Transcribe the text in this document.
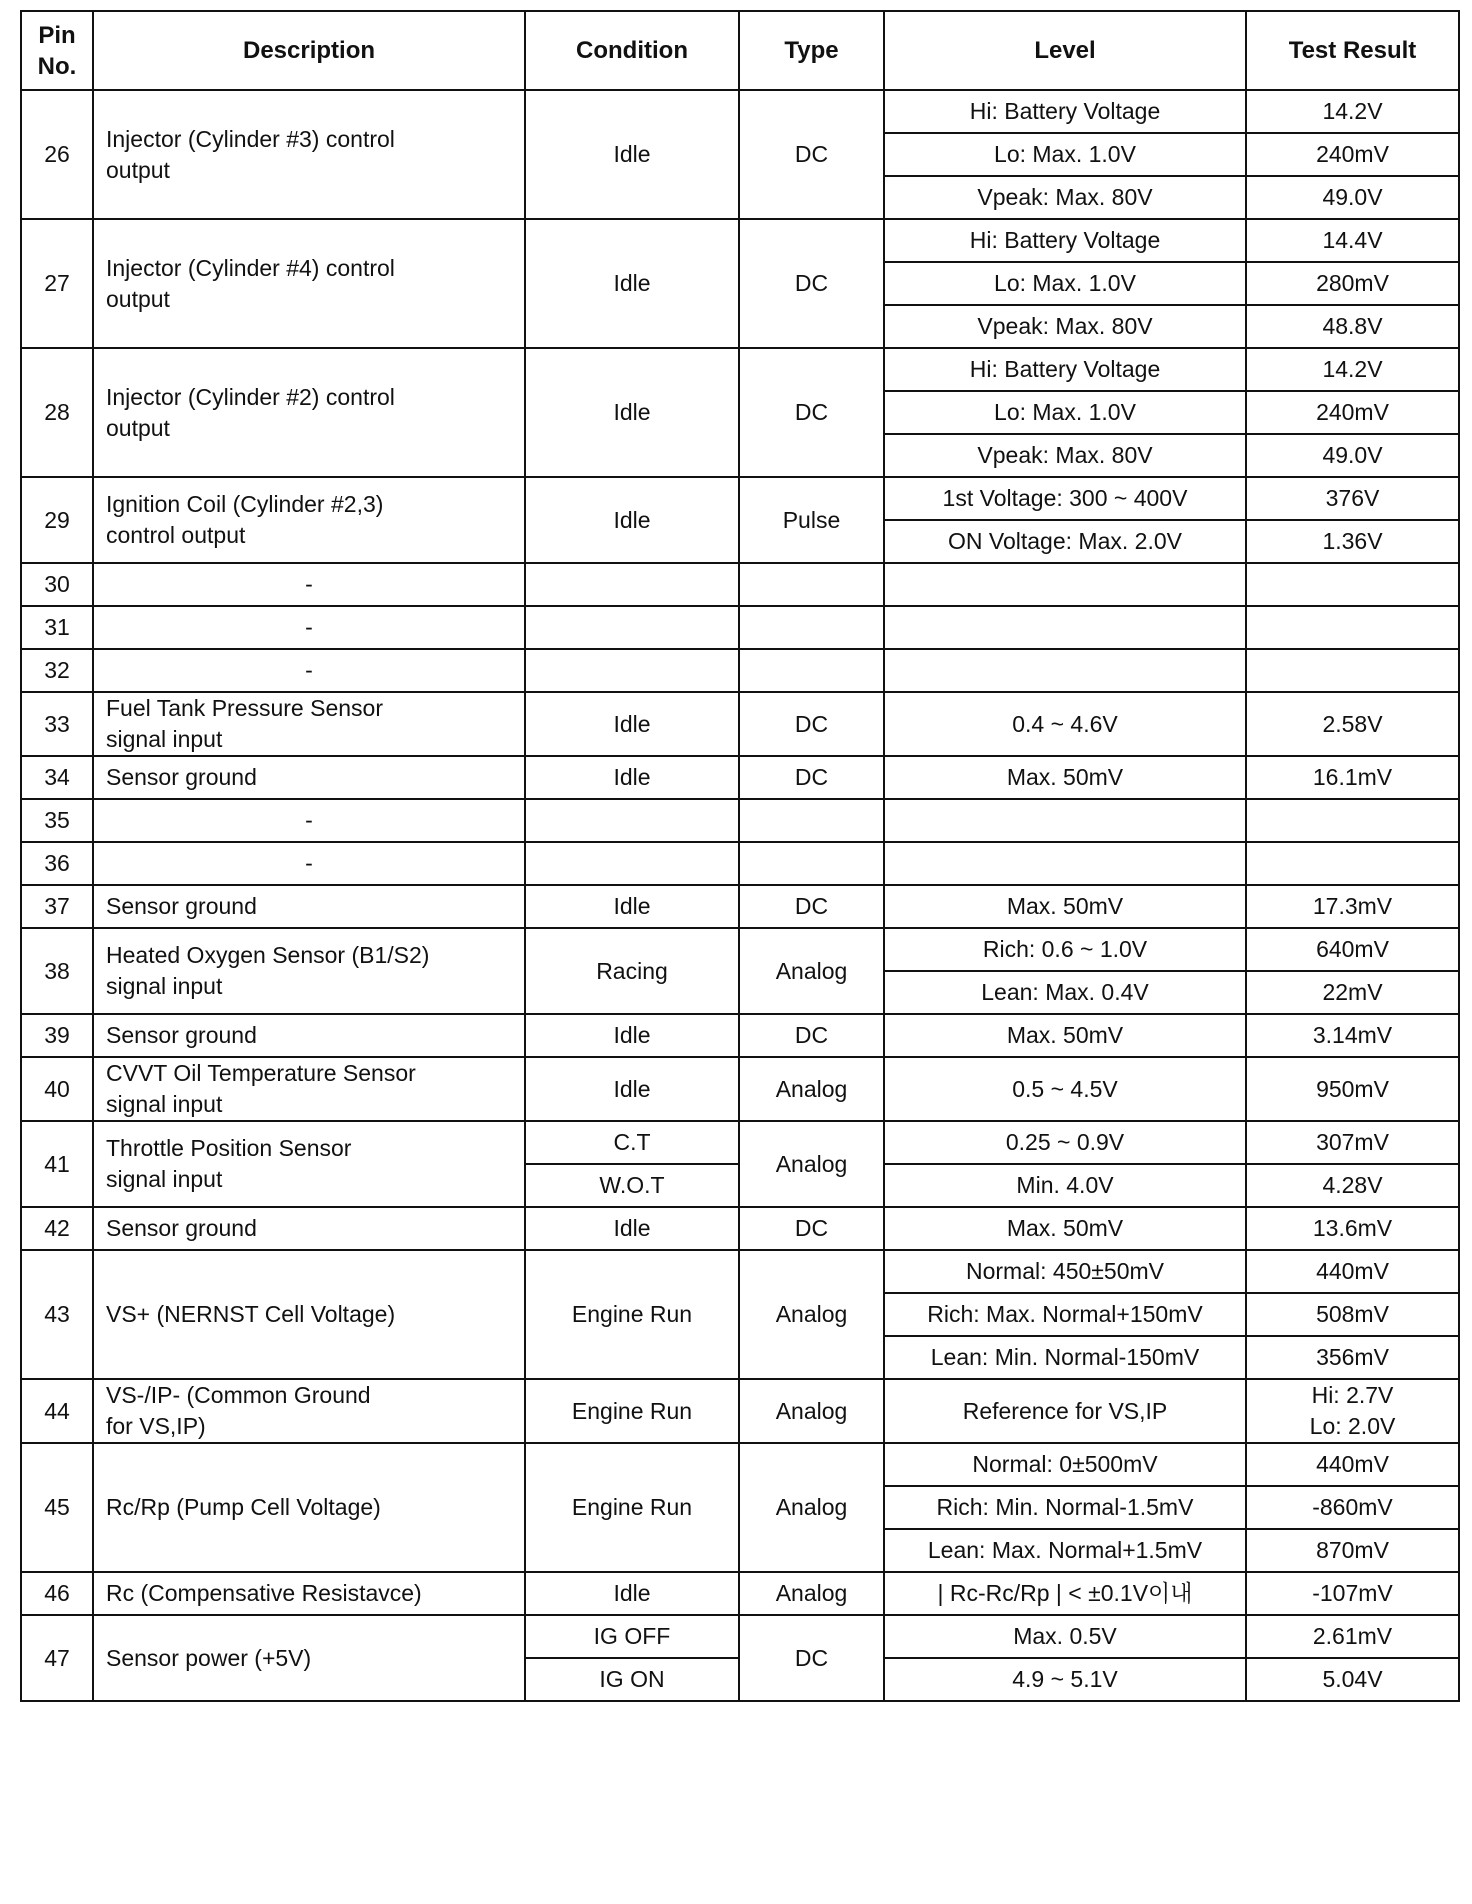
Pin
No.	Description	Condition	Type	Level	Test Result
26	Injector (Cylinder #3) control
output	Idle	DC	Hi: Battery Voltage	14.2V
				Lo: Max. 1.0V	240mV
				Vpeak: Max. 80V	49.0V
27	Injector (Cylinder #4) control
output	Idle	DC	Hi: Battery Voltage	14.4V
				Lo: Max. 1.0V	280mV
				Vpeak: Max. 80V	48.8V
28	Injector (Cylinder #2) control
output	Idle	DC	Hi: Battery Voltage	14.2V
				Lo: Max. 1.0V	240mV
				Vpeak: Max. 80V	49.0V
29	Ignition Coil (Cylinder #2,3)
control output	Idle	Pulse	1st Voltage: 300 ~ 400V	376V
				ON Voltage: Max. 2.0V	1.36V
30	-				
31	-				
32	-				
33	Fuel Tank Pressure Sensor
signal input	Idle	DC	0.4 ~ 4.6V	2.58V
34	Sensor ground	Idle	DC	Max. 50mV	16.1mV
35	-				
36	-				
37	Sensor ground	Idle	DC	Max. 50mV	17.3mV
38	Heated Oxygen Sensor (B1/S2)
signal input	Racing	Analog	Rich: 0.6 ~ 1.0V	640mV
				Lean: Max. 0.4V	22mV
39	Sensor ground	Idle	DC	Max. 50mV	3.14mV
40	CVVT Oil Temperature Sensor
signal input	Idle	Analog	0.5 ~ 4.5V	950mV
41	Throttle Position Sensor
signal input	C.T	Analog	0.25 ~ 0.9V	307mV
		W.O.T		Min. 4.0V	4.28V
42	Sensor ground	Idle	DC	Max. 50mV	13.6mV
43	VS+ (NERNST Cell Voltage)	Engine Run	Analog	Normal: 450±50mV	440mV
				Rich: Max. Normal+150mV	508mV
				Lean: Min. Normal-150mV	356mV
44	VS-/IP- (Common Ground
for VS,IP)	Engine Run	Analog	Reference for VS,IP	Hi: 2.7V
Lo: 2.0V
45	Rc/Rp (Pump Cell Voltage)	Engine Run	Analog	Normal: 0±500mV	440mV
				Rich: Min. Normal-1.5mV	-860mV
				Lean: Max. Normal+1.5mV	870mV
46	Rc (Compensative Resistavce)	Idle	Analog	| Rc-Rc/Rp | < ±0.1V이내	-107mV
47	Sensor power (+5V)	IG OFF	DC	Max. 0.5V	2.61mV
		IG ON		4.9 ~ 5.1V	5.04V
